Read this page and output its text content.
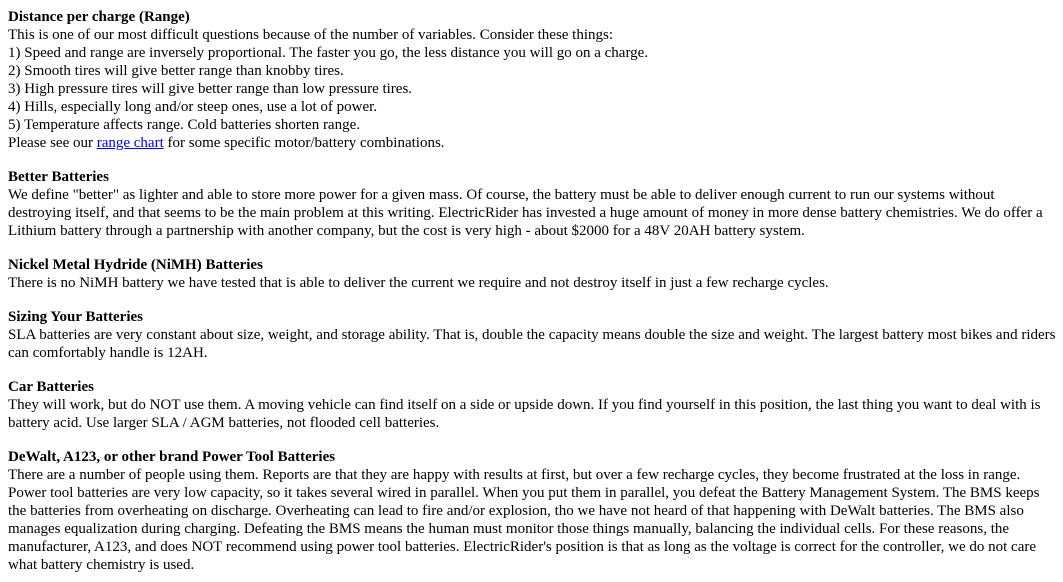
Distance per charge (Range)
This is one of our most difficult questions because of the number of variables. Consider these things:
1) Speed and range are inversely proportional. The faster you go, the less distance you will go on a charge.
2) Smooth tires will give better range than knobby tires.
3) High pressure tires will give better range than low pressure tires.
4) Hills, especially long and/or steep ones, use a lot of power.
5) Temperature affects range. Cold batteries shorten range.
Please see our range chart for some specific motor/battery combinations.
Better Batteries
We define "better" as lighter and able to store more power for a given mass. Of course, the battery must be able to deliver enough current to run our systems without destroying itself, and that seems to be the main problem at this writing. ElectricRider has invested a huge amount of money in more dense battery chemistries. We do offer a Lithium battery through a partnership with another company, but the cost is very high - about $2000 for a 48V 20AH battery system.
Nickel Metal Hydride (NiMH) Batteries
There is no NiMH battery we have tested that is able to deliver the current we require and not destroy itself in just a few recharge cycles.
Sizing Your Batteries
SLA batteries are very constant about size, weight, and storage ability. That is, double the capacity means double the size and weight. The largest battery most bikes and riders can comfortably handle is 12AH.
Car Batteries
They will work, but do NOT use them. A moving vehicle can find itself on a side or upside down. If you find yourself in this position, the last thing you want to deal with is battery acid. Use larger SLA / AGM batteries, not flooded cell batteries.
DeWalt, A123, or other brand Power Tool Batteries
There are a number of people using them. Reports are that they are happy with results at first, but over a few recharge cycles, they become frustrated at the loss in range. Power tool batteries are very low capacity, so it takes several wired in parallel. When you put them in parallel, you defeat the Battery Management System. The BMS keeps the batteries from overheating on discharge. Overheating can lead to fire and/or explosion, tho we have not heard of that happening with DeWalt batteries. The BMS also manages equalization during charging. Defeating the BMS means the human must monitor those things manually, balancing the individual cells. For these reasons, the manufacturer, A123, and does NOT recommend using power tool batteries. ElectricRider's position is that as long as the voltage is correct for the controller, we do not care what battery chemistry is used.
